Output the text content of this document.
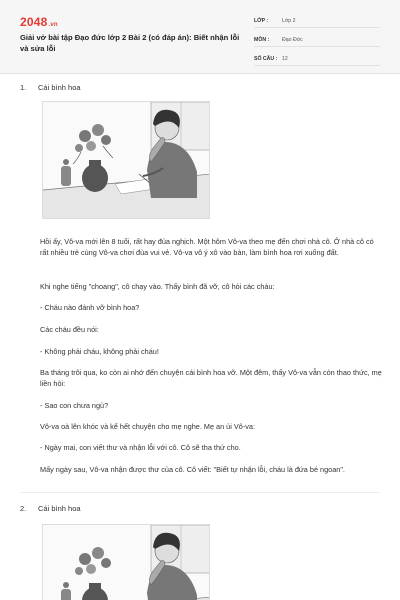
2048.vn
Giải vở bài tập Đạo đức lớp 2 Bài 2 (có đáp án): Biết nhận lỗi và sửa lỗi
LỚP :	Lớp 2
MÔN :	Đạo Đức
SỐ CÂU : 12
1.	Cái bình hoa

Hồi ấy, Vô-va mới lên 8 tuổi, rất hay đùa nghịch. Một hôm Vô-va theo mẹ đến chơi nhà cô. Ở nhà cô có rất nhiều trẻ cùng Vô-va chơi đùa vui vẻ. Vô-va vô ý xô vào bàn, làm bình hoa rơi xuống đất.

Khi nghe tiếng "choang", cô chạy vào. Thấy bình đã vỡ, cô hỏi các cháu:

- Cháu nào đánh vỡ bình hoa?

Các cháu đều nói:

- Không phải cháu, không phải cháu!

Ba tháng trôi qua, ko còn ai nhớ đến chuyện cái bình hoa vỡ. Một đêm, thấy Vô-va vẫn còn thao thức, mẹ liền hỏi:

- Sao con chưa ngủ?

Vô-va oà lên khóc và kể hết chuyện cho mẹ nghe. Mẹ an ủi Vô-va:

- Ngày mai, con viết thư và nhận lỗi với cô. Cô sẽ tha thứ cho.

Mấy ngày sau, Vô-va nhận được thư của cô. Cô viết: "Biết tự nhận lỗi, cháu là đứa bé ngoan".

2.	Cái bình hoa
